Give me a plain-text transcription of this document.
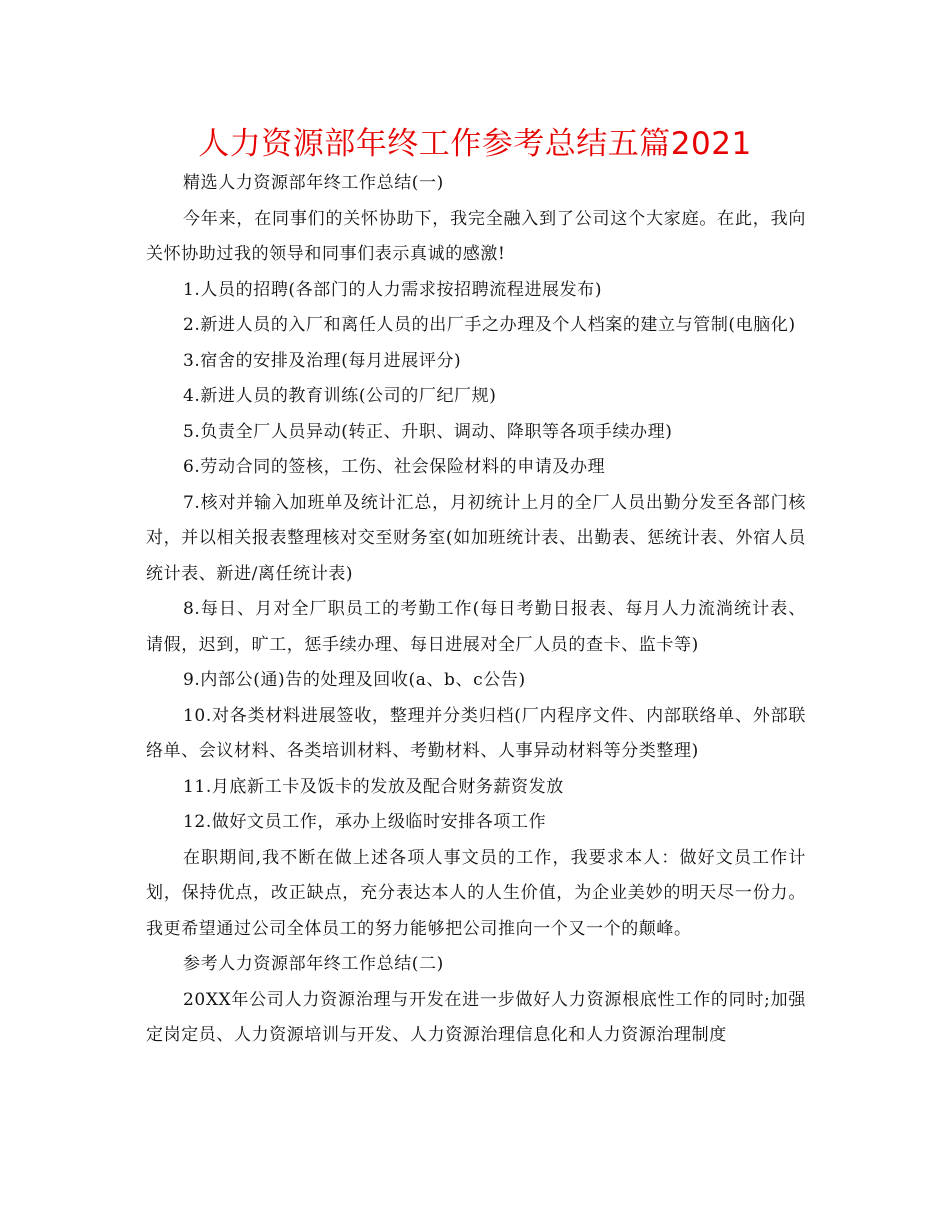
人力资源部年终工作参考总结五篇2021

精选人力资源部年终工作总结(一)

今年来，在同事们的关怀协助下，我完全融入到了公司这个大家庭。在此，我向关怀协助过我的领导和同事们表示真诚的感激!

1.人员的招聘(各部门的人力需求按招聘流程进展发布)

2.新进人员的入厂和离任人员的出厂手之办理及个人档案的建立与管制(电脑化)

3.宿舍的安排及治理(每月进展评分)

4.新进人员的教育训练(公司的厂纪厂规)

5.负责全厂人员异动(转正、升职、调动、降职等各项手续办理)

6.劳动合同的签核，工伤、社会保险材料的申请及办理

7.核对并输入加班单及统计汇总，月初统计上月的全厂人员出勤分发至各部门核对，并以相关报表整理核对交至财务室(如加班统计表、出勤表、惩统计表、外宿人员统计表、新进/离任统计表)

8.每日、月对全厂职员工的考勤工作(每日考勤日报表、每月人力流淌统计表、请假，迟到，旷工，惩手续办理、每日进展对全厂人员的查卡、监卡等)

9.内部公(通)告的处理及回收(a、b、c公告)

10.对各类材料进展签收，整理并分类归档(厂内程序文件、内部联络单、外部联络单、会议材料、各类培训材料、考勤材料、人事异动材料等分类整理)

11.月底新工卡及饭卡的发放及配合财务薪资发放

12.做好文员工作，承办上级临时安排各项工作

在职期间,我不断在做上述各项人事文员的工作，我要求本人：做好文员工作计划，保持优点，改正缺点，充分表达本人的人生价值，为企业美妙的明天尽一份力。我更希望通过公司全体员工的努力能够把公司推向一个又一个的颠峰。

参考人力资源部年终工作总结(二)

20XX年公司人力资源治理与开发在进一步做好人力资源根底性工作的同时;加强定岗定员、人力资源培训与开发、人力资源治理信息化和人力资源治理制度
